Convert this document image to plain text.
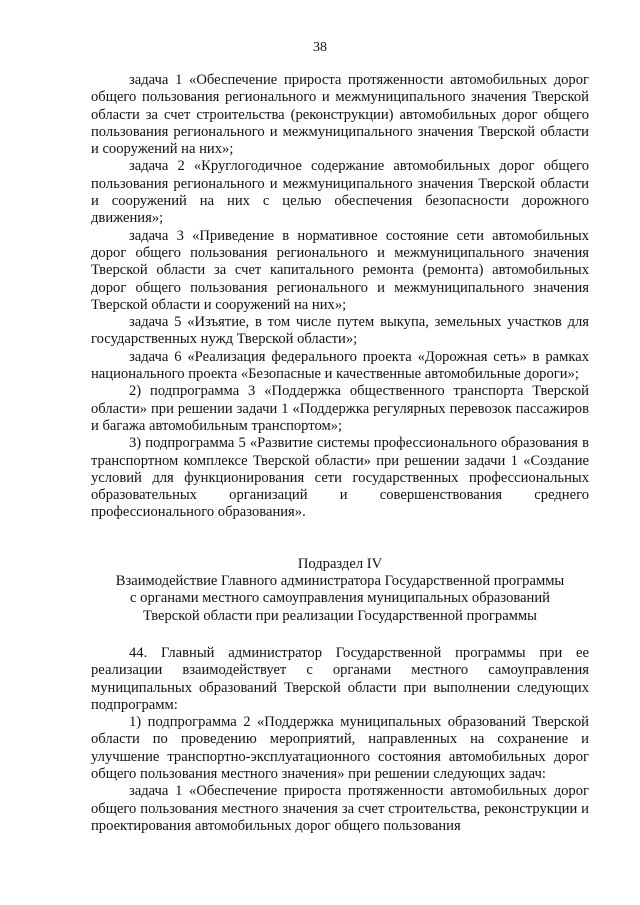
38

задача 1 «Обеспечение прироста протяженности автомобильных дорог общего пользования регионального и межмуниципального значения Тверской области за счет строительства (реконструкции) автомобильных дорог общего пользования регионального и межмуниципального значения Тверской области и сооружений на них»;

задача 2 «Круглогодичное содержание автомобильных дорог общего пользования регионального и межмуниципального значения Тверской области и сооружений на них с целью обеспечения безопасности дорожного движения»;

задача 3 «Приведение в нормативное состояние сети автомобильных дорог общего пользования регионального и межмуниципального значения Тверской области за счет капитального ремонта (ремонта) автомобильных дорог общего пользования регионального и межмуниципального значения Тверской области и сооружений на них»;

задача 5 «Изъятие, в том числе путем выкупа, земельных участков для государственных нужд Тверской области»;

задача 6 «Реализация федерального проекта «Дорожная сеть» в рамках национального проекта «Безопасные и качественные автомобильные дороги»;

2) подпрограмма 3 «Поддержка общественного транспорта Тверской области» при решении задачи 1 «Поддержка регулярных перевозок пассажиров и багажа автомобильным транспортом»;

3) подпрограмма 5 «Развитие системы профессионального образования в транспортном комплексе Тверской области» при решении задачи 1 «Создание условий для функционирования сети государственных профессиональных образовательных организаций и совершенствования среднего профессионального образования».

Подраздел IV

Взаимодействие Главного администратора Государственной программы

с органами местного самоуправления муниципальных образований

Тверской области при реализации Государственной программы

44. Главный администратор Государственной программы при ее реализации взаимодействует с органами местного самоуправления муниципальных образований Тверской области при выполнении следующих подпрограмм:

1) подпрограмма 2 «Поддержка муниципальных образований Тверской области по проведению мероприятий, направленных на сохранение и улучшение транспортно-эксплуатационного состояния автомобильных дорог общего пользования местного значения» при решении следующих задач:

задача 1 «Обеспечение прироста протяженности автомобильных дорог общего пользования местного значения за счет строительства, реконструкции и проектирования автомобильных дорог общего пользования
